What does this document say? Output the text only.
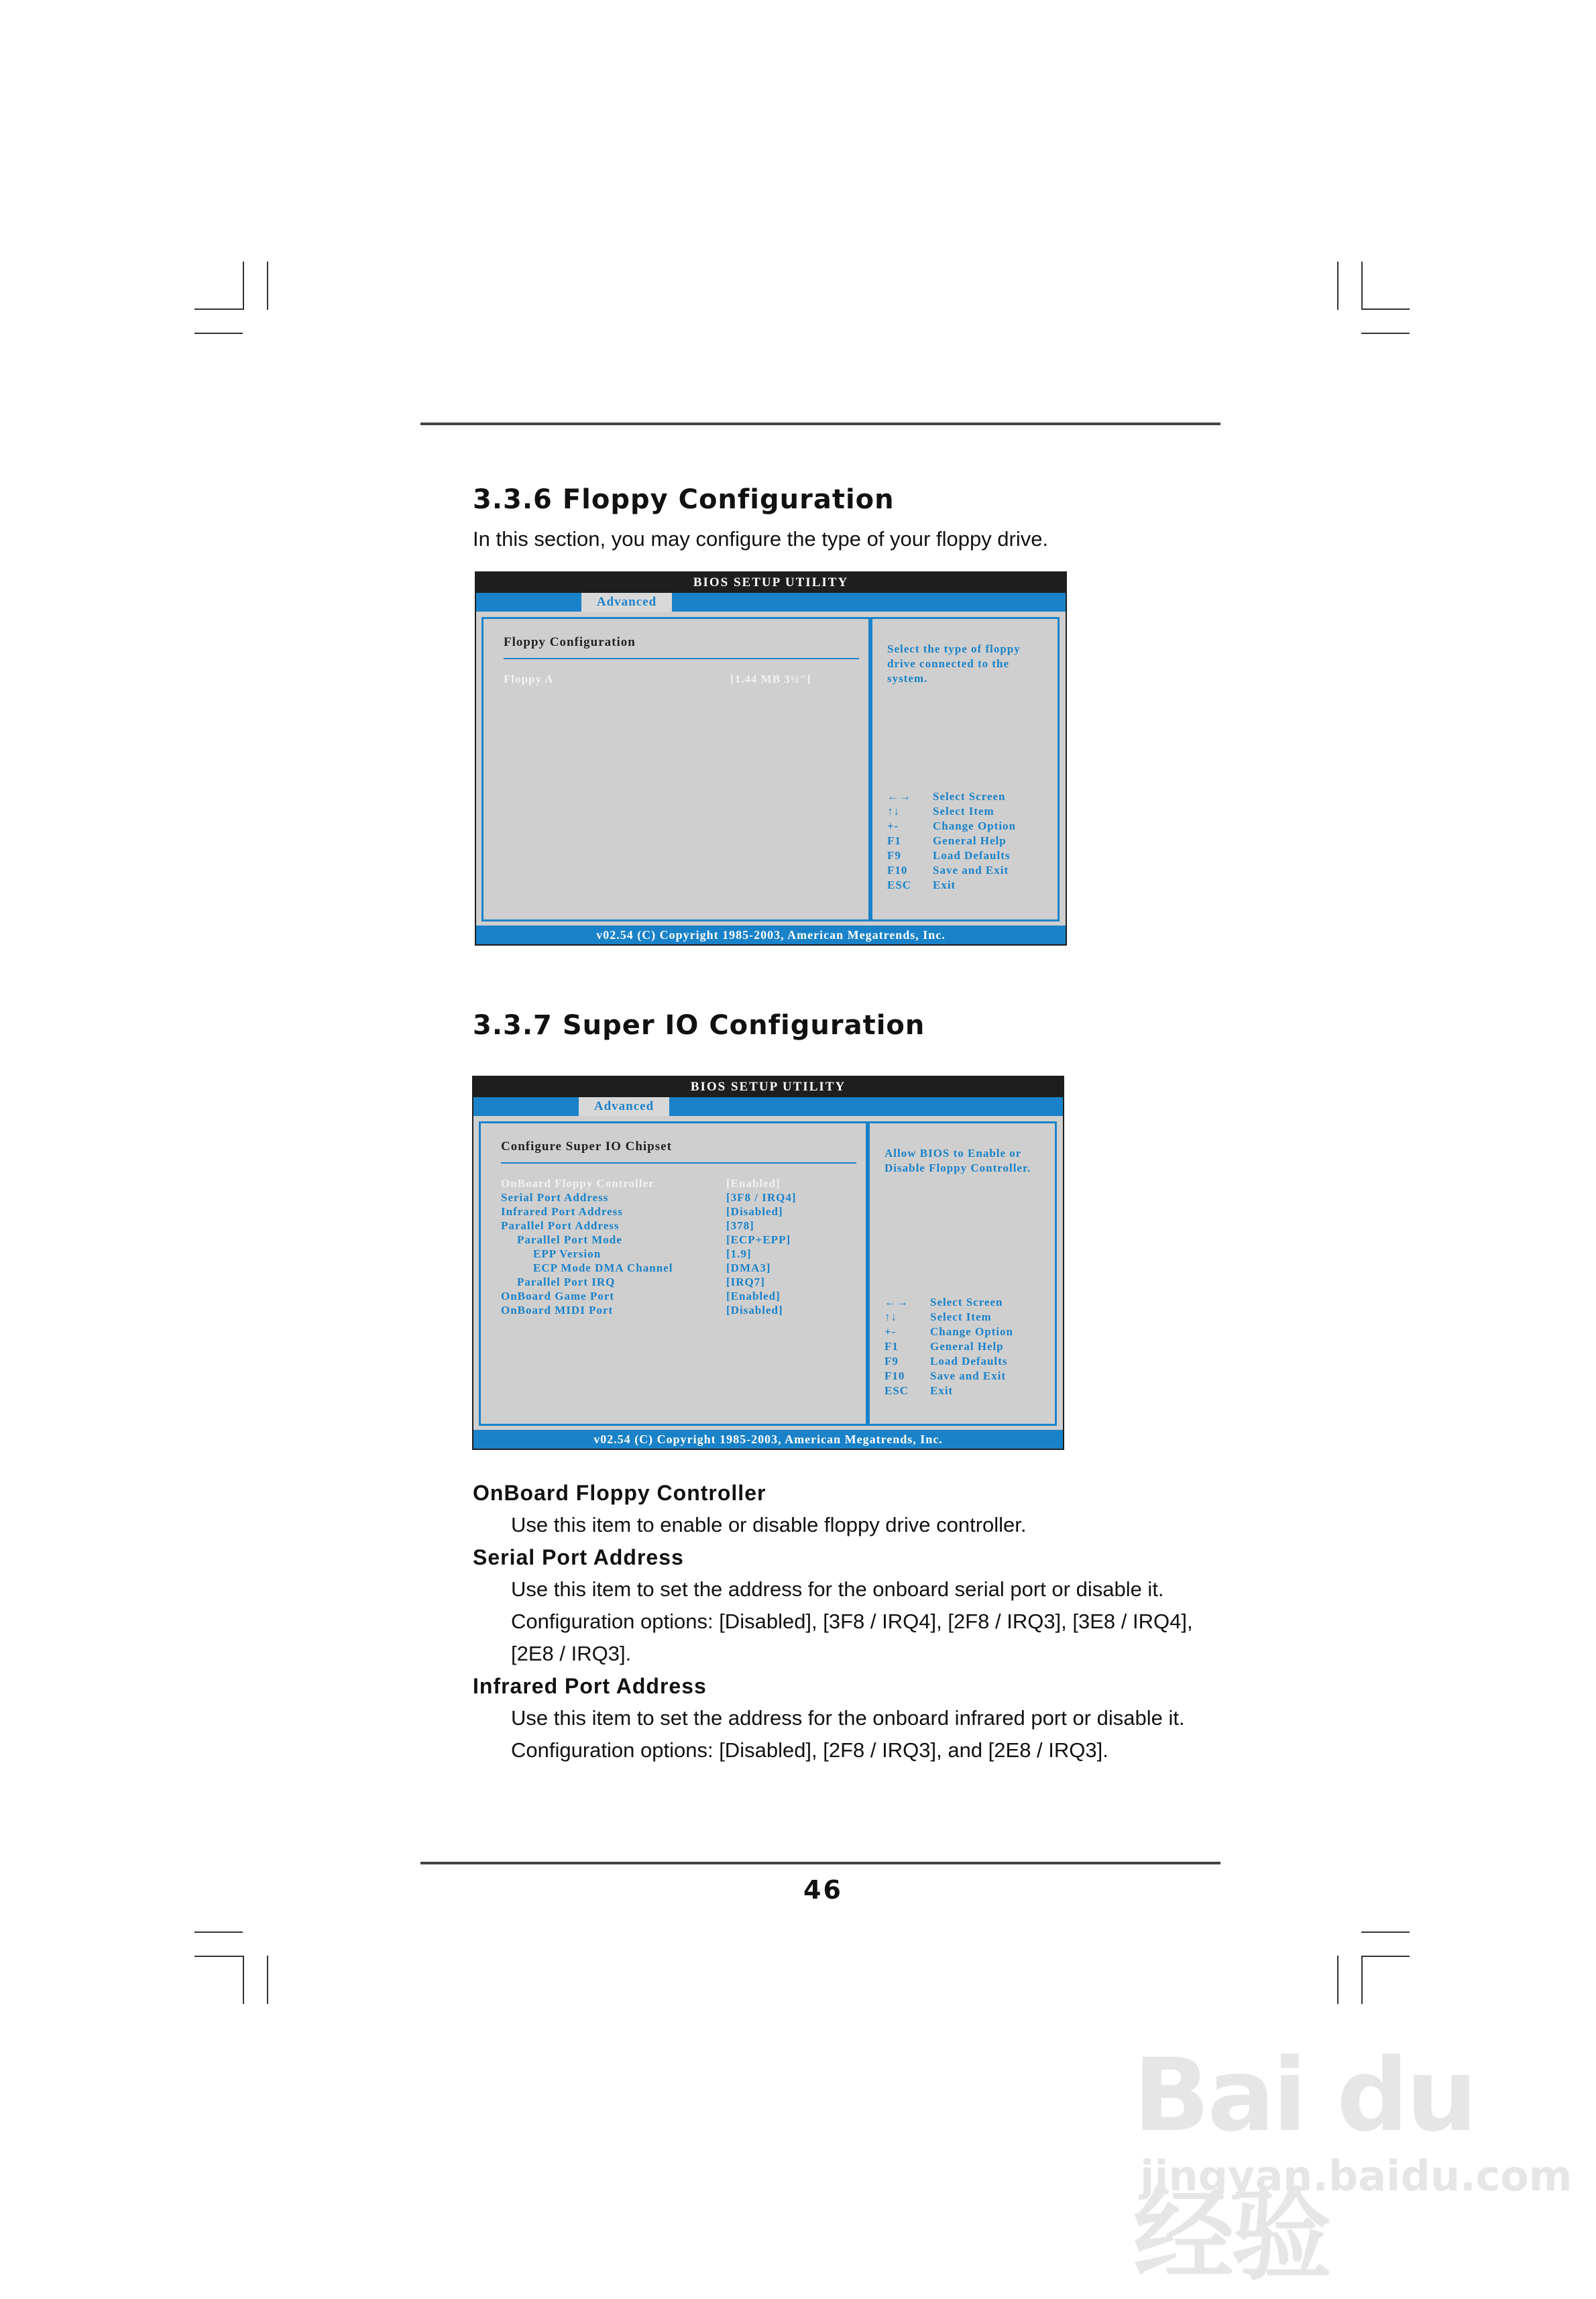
3.3.6 Floppy Configuration
In this section, you may configure the type of your floppy drive.
BIOS SETUP UTILITY
Advanced
Floppy Configuration
Floppy A	[1.44 MB 3½"]
Select the type of floppy drive connected to the system.
←→ Select Screen
↑↓	Select Item
+-	Change Option
F1	General Help
F9	Load Defaults
F10 Save and Exit
ESC Exit
v02.54 (C) Copyright 1985-2003, American Megatrends, Inc.
3.3.7 Super IO Configuration
BIOS SETUP UTILITY
Advanced
Configure Super IO Chipset
OnBoard Floppy Controller	[Enabled]
Serial Port Address	[3F8 / IRQ4]
Infrared Port Address	[Disabled]
Parallel Port Address	[378]
Parallel Port Mode	[ECP+EPP]
EPP Version	[1.9]
ECP Mode DMA Channel	[DMA3]
Parallel Port IRQ	[IRQ7]
OnBoard Game Port	[Enabled]
OnBoard MIDI Port	[Disabled]
Allow BIOS to Enable or Disable Floppy Controller.
←→ Select Screen
↑↓	Select Item
+-	Change Option
F1	General Help
F9	Load Defaults
F10 Save and Exit
ESC Exit
v02.54 (C) Copyright 1985-2003, American Megatrends, Inc.
OnBoard Floppy Controller
Use this item to enable or disable floppy drive controller.
Serial Port Address
Use this item to set the address for the onboard serial port or disable it.
Configuration options: [Disabled], [3F8 / IRQ4], [2F8 / IRQ3], [3E8 / IRQ4],
[2E8 / IRQ3].
Infrared Port Address
Use this item to set the address for the onboard infrared port or disable it.
Configuration options: [Disabled], [2F8 / IRQ3], and [2E8 / IRQ3].
46
Bai du 经验
jingyan.baidu.com
